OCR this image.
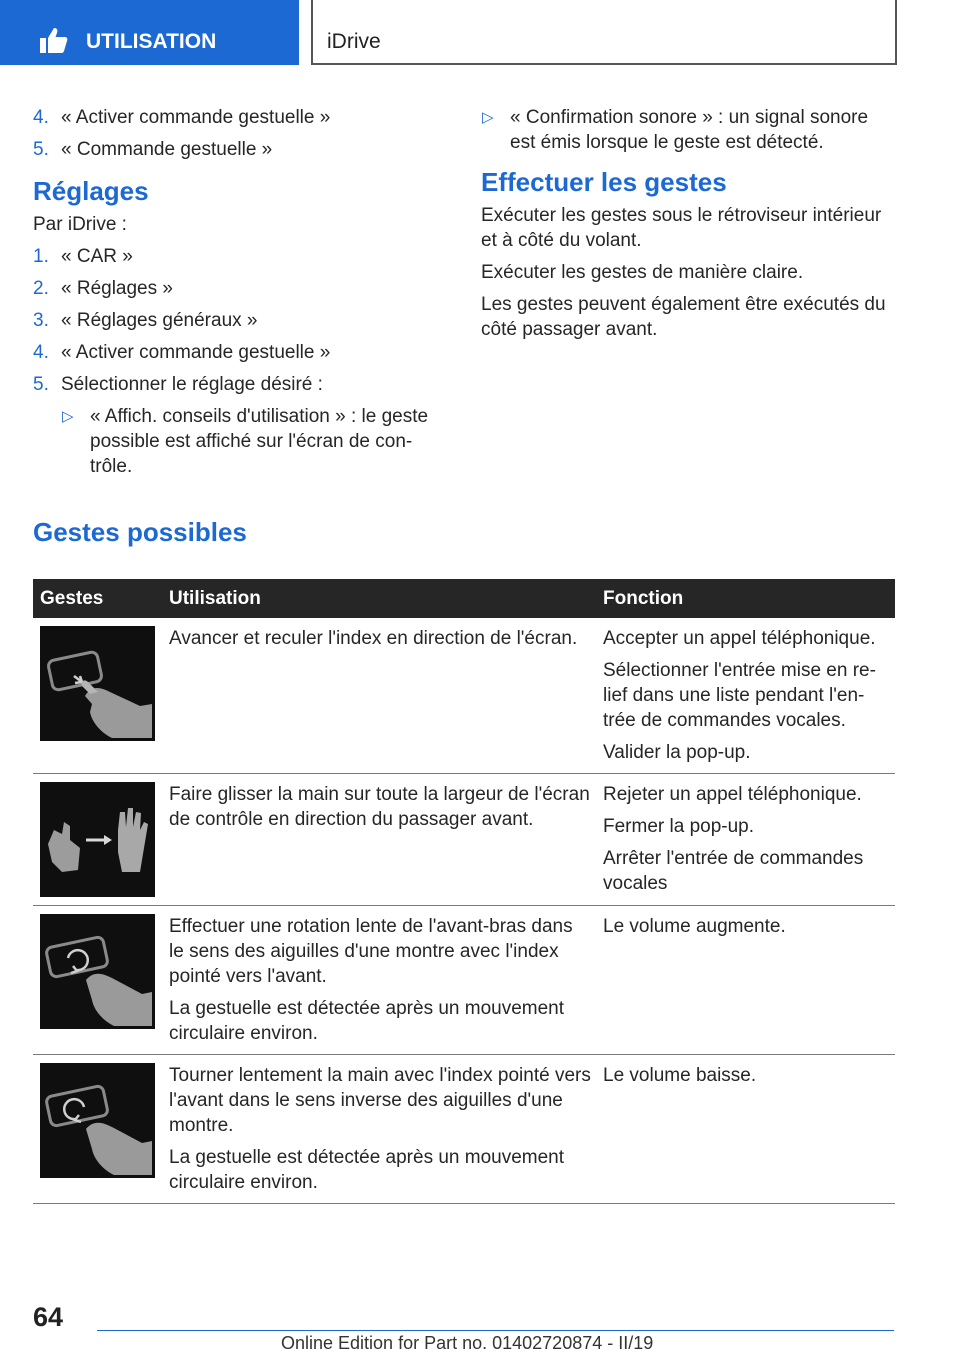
UTILISATION	iDrive
4. « Activer commande gestuelle »
5. « Commande gestuelle »
Réglages
Par iDrive :
1. « CAR »
2. « Réglages »
3. « Réglages généraux »
4. « Activer commande gestuelle »
5. Sélectionner le réglage désiré :
▷ « Affich. conseils d'utilisation » : le geste possible est affiché sur l'écran de contrôle.
▷ « Confirmation sonore » : un signal sonore est émis lorsque le geste est détecté.
Effectuer les gestes
Exécuter les gestes sous le rétroviseur intérieur et à côté du volant.
Exécuter les gestes de manière claire.
Les gestes peuvent également être exécutés du côté passager avant.
Gestes possibles
Gestes	Utilisation	Fonction

Avancer et reculer l'index en direction de l'écran.	Accepter un appel téléphonique.
Sélectionner l'entrée mise en relief dans une liste pendant l'entrée de commandes vocales.
Valider la pop-up.

Faire glisser la main sur toute la largeur de l'écran de contrôle en direction du passager avant.	Rejeter un appel téléphonique.
Fermer la pop-up.
Arrêter l'entrée de commandes vocales

Effectuer une rotation lente de l'avant-bras dans le sens des aiguilles d'une montre avec l'index pointé vers l'avant.
La gestuelle est détectée après un mouvement circulaire environ.	Le volume augmente.

Tourner lentement la main avec l'index pointé vers l'avant dans le sens inverse des aiguilles d'une montre.
La gestuelle est détectée après un mouvement circulaire environ.	Le volume baisse.
64
Online Edition for Part no. 01402720874 - II/19
